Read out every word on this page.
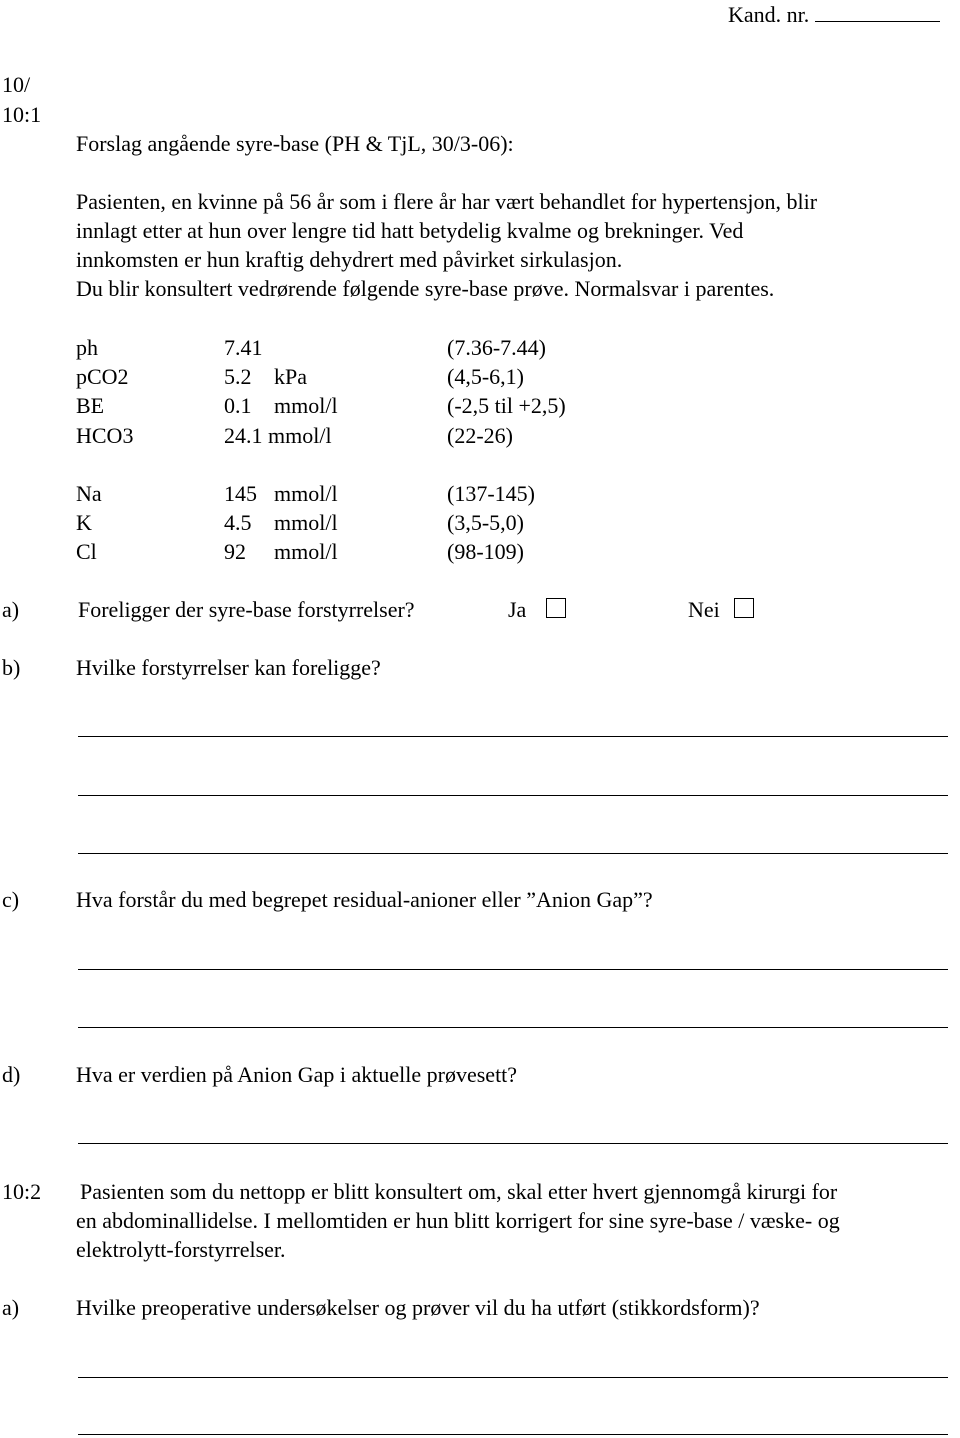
Kand. nr.
10/
10:1
Forslag angående syre-base (PH & TjL, 30/3-06):
Pasienten, en kvinne på 56 år som i flere år har vært behandlet for hypertensjon, blir
innlagt etter at hun over lengre tid hatt betydelig kvalme og brekninger. Ved
innkomsten er hun kraftig dehydrert med påvirket sirkulasjon.
Du blir konsultert vedrørende følgende syre-base prøve. Normalsvar i parentes.
ph	7.41	(7.36-7.44)
pCO2	5.2 kPa	(4,5-6,1)
BE	0.1 mmol/l	(-2,5 til +2,5)
HCO3	24.1 mmol/l	(22-26)
Na	145 mmol/l	(137-145)
K	4.5 mmol/l	(3,5-5,0)
Cl	92 mmol/l	(98-109)
a)	Foreligger der syre-base forstyrrelser?	Ja	Nei
b)	Hvilke forstyrrelser kan foreligge?
c)	Hva forstår du med begrepet residual-anioner eller ”Anion Gap”?
d)	Hva er verdien på Anion Gap i aktuelle prøvesett?
10:2 Pasienten som du nettopp er blitt konsultert om, skal etter hvert gjennomgå kirurgi for
en abdominallidelse. I mellomtiden er hun blitt korrigert for sine syre-base / væske- og
elektrolytt-forstyrrelser.
a)	Hvilke preoperative undersøkelser og prøver vil du ha utført (stikkordsform)?
